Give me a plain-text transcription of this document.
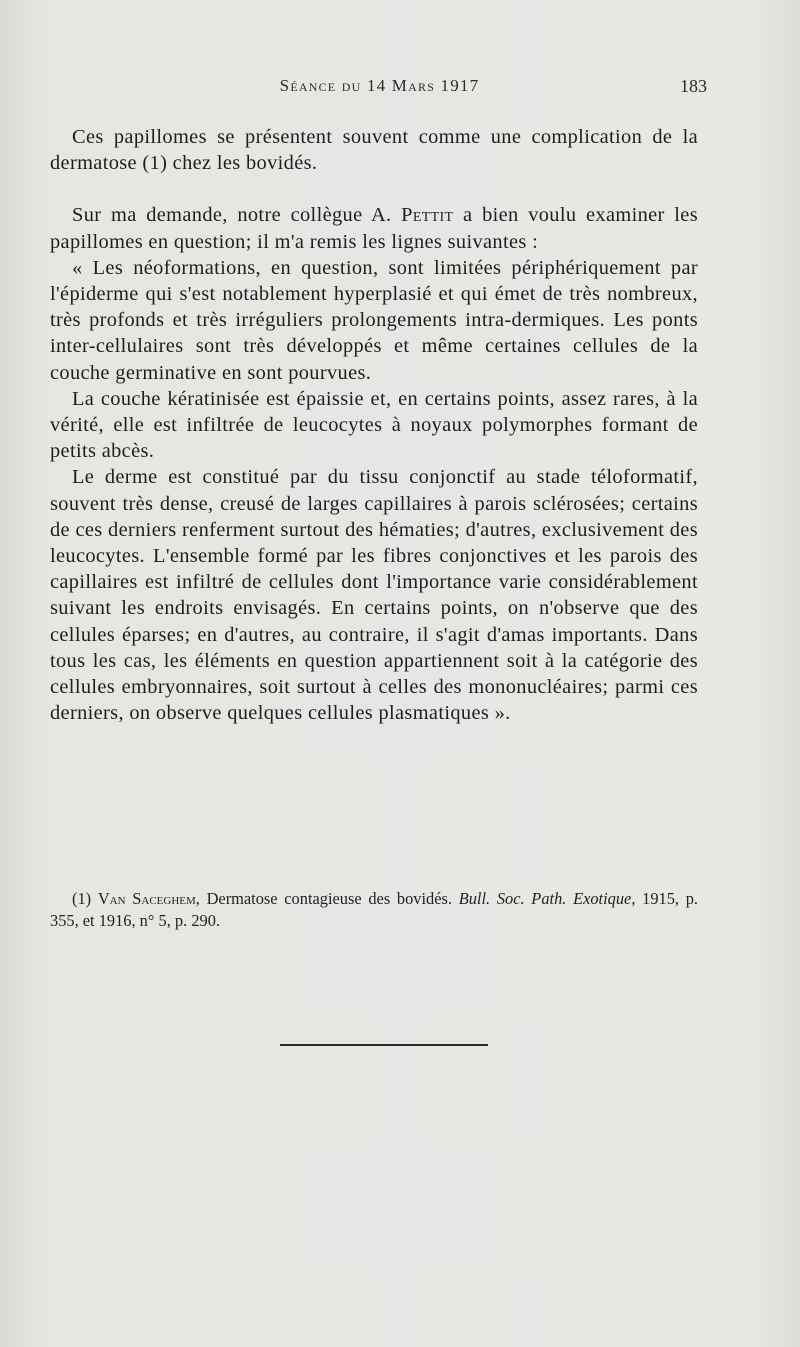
Séance du 14 Mars 1917	183

Ces papillomes se présentent souvent comme une complication de la dermatose (1) chez les bovidés.

Sur ma demande, notre collègue A. Pettit a bien voulu examiner les papillomes en question; il m'a remis les lignes suivantes :

« Les néoformations, en question, sont limitées périphériquement par l'épiderme qui s'est notablement hyperplasié et qui émet de très nombreux, très profonds et très irréguliers prolongements intra-dermiques. Les ponts inter-cellulaires sont très développés et même certaines cellules de la couche germinative en sont pourvues.

La couche kératinisée est épaissie et, en certains points, assez rares, à la vérité, elle est infiltrée de leucocytes à noyaux polymorphes formant de petits abcès.

Le derme est constitué par du tissu conjonctif au stade téloformatif, souvent très dense, creusé de larges capillaires à parois sclérosées; certains de ces derniers renferment surtout des hématies; d'autres, exclusivement des leucocytes. L'ensemble formé par les fibres conjonctives et les parois des capillaires est infiltré de cellules dont l'importance varie considérablement suivant les endroits envisagés. En certains points, on n'observe que des cellules éparses; en d'autres, au contraire, il s'agit d'amas importants. Dans tous les cas, les éléments en question appartiennent soit à la catégorie des cellules embryonnaires, soit surtout à celles des mononucléaires; parmi ces derniers, on observe quelques cellules plasmatiques ».

(1) Van Saceghem, Dermatose contagieuse des bovidés. Bull. Soc. Path. Exotique, 1915, p. 355, et 1916, n° 5, p. 290.
